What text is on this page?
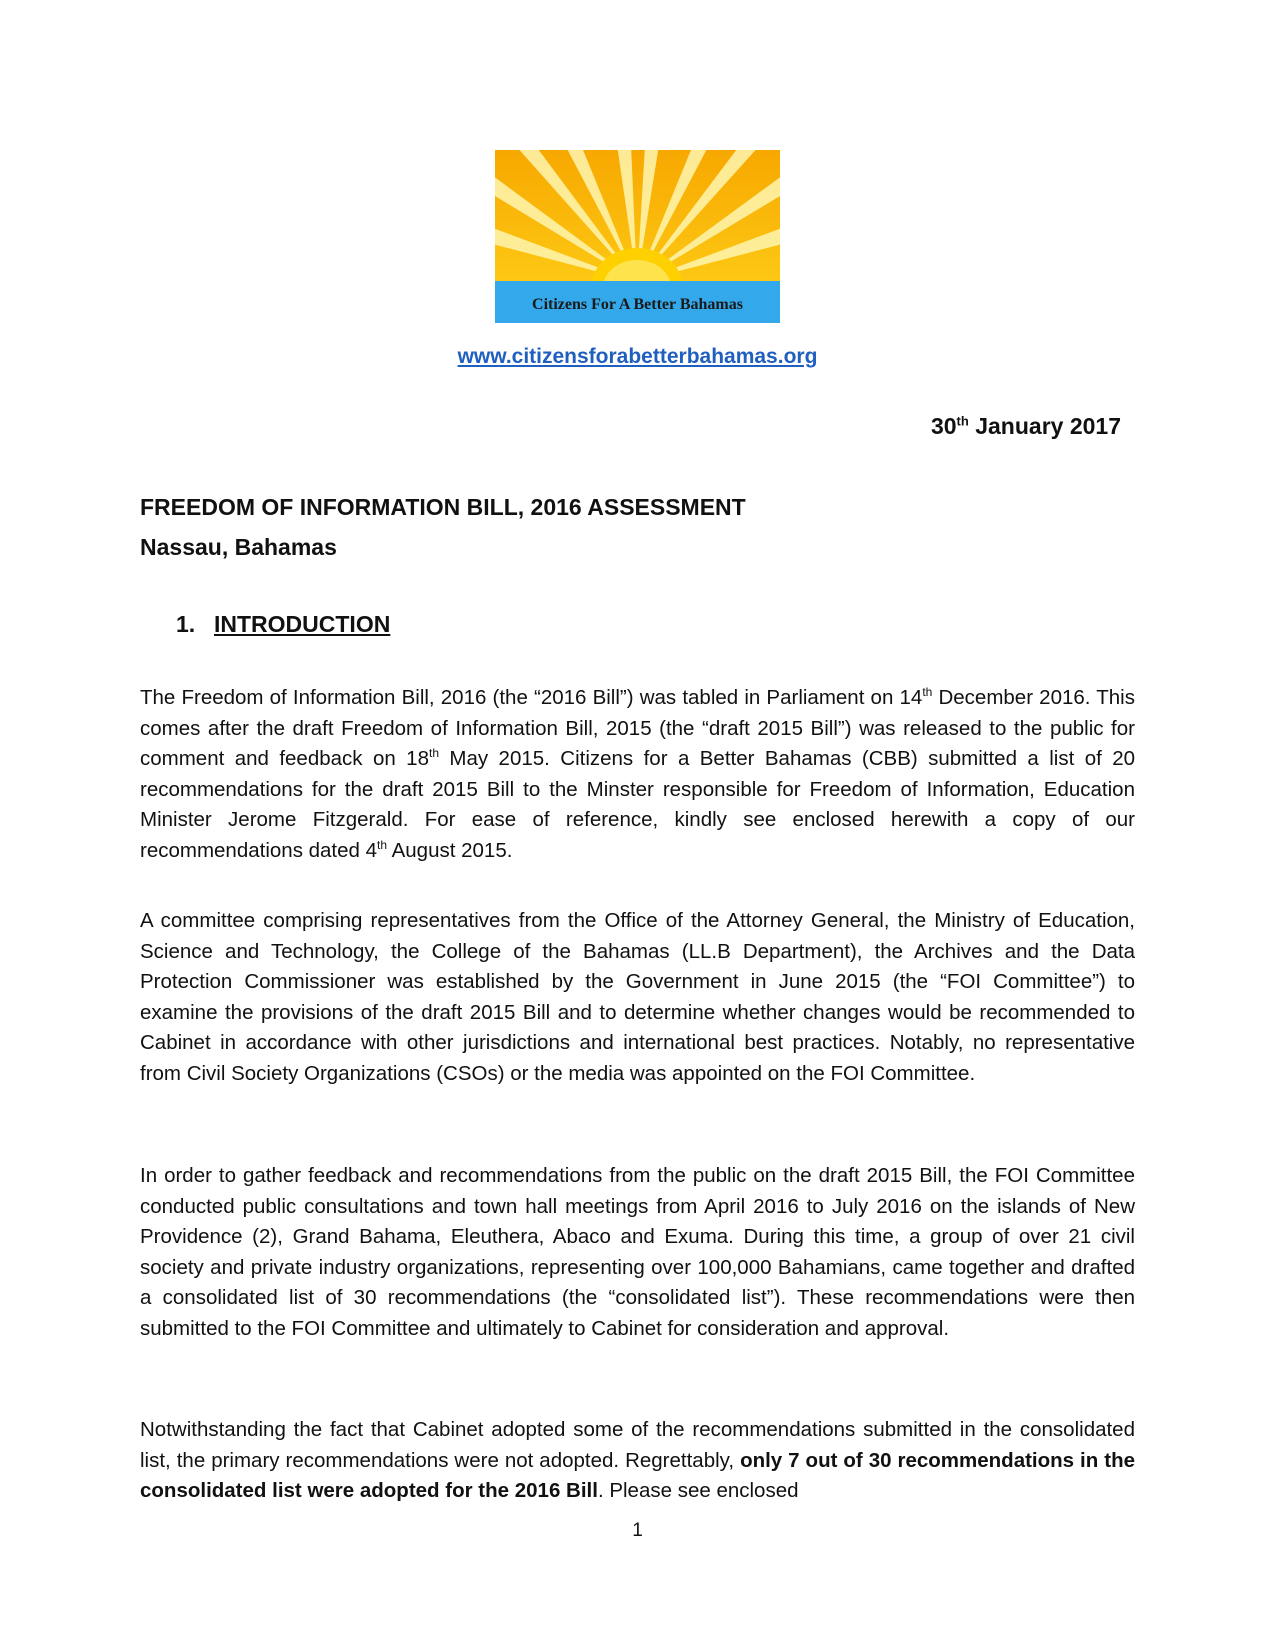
Citizens For A Better Bahamas
www.citizensforabetterbahamas.org
30th January 2017
FREEDOM OF INFORMATION BILL, 2016 ASSESSMENT
Nassau, Bahamas
1. INTRODUCTION

The Freedom of Information Bill, 2016 (the “2016 Bill”) was tabled in Parliament on 14th December 2016. This comes after the draft Freedom of Information Bill, 2015 (the “draft 2015 Bill”) was released to the public for comment and feedback on 18th May 2015. Citizens for a Better Bahamas (CBB) submitted a list of 20 recommendations for the draft 2015 Bill to the Minster responsible for Freedom of Information, Education Minister Jerome Fitzgerald. For ease of reference, kindly see enclosed herewith a copy of our recommendations dated 4th August 2015.

A committee comprising representatives from the Office of the Attorney General, the Ministry of Education, Science and Technology, the College of the Bahamas (LL.B Department), the Archives and the Data Protection Commissioner was established by the Government in June 2015 (the “FOI Committee”) to examine the provisions of the draft 2015 Bill and to determine whether changes would be recommended to Cabinet in accordance with other jurisdictions and international best practices. Notably, no representative from Civil Society Organizations (CSOs) or the media was appointed on the FOI Committee.

In order to gather feedback and recommendations from the public on the draft 2015 Bill, the FOI Committee conducted public consultations and town hall meetings from April 2016 to July 2016 on the islands of New Providence (2), Grand Bahama, Eleuthera, Abaco and Exuma. During this time, a group of over 21 civil society and private industry organizations, representing over 100,000 Bahamians, came together and drafted a consolidated list of 30 recommendations (the “consolidated list”). These recommendations were then submitted to the FOI Committee and ultimately to Cabinet for consideration and approval.

Notwithstanding the fact that Cabinet adopted some of the recommendations submitted in the consolidated list, the primary recommendations were not adopted. Regrettably, only 7 out of 30 recommendations in the consolidated list were adopted for the 2016 Bill. Please see enclosed

1
